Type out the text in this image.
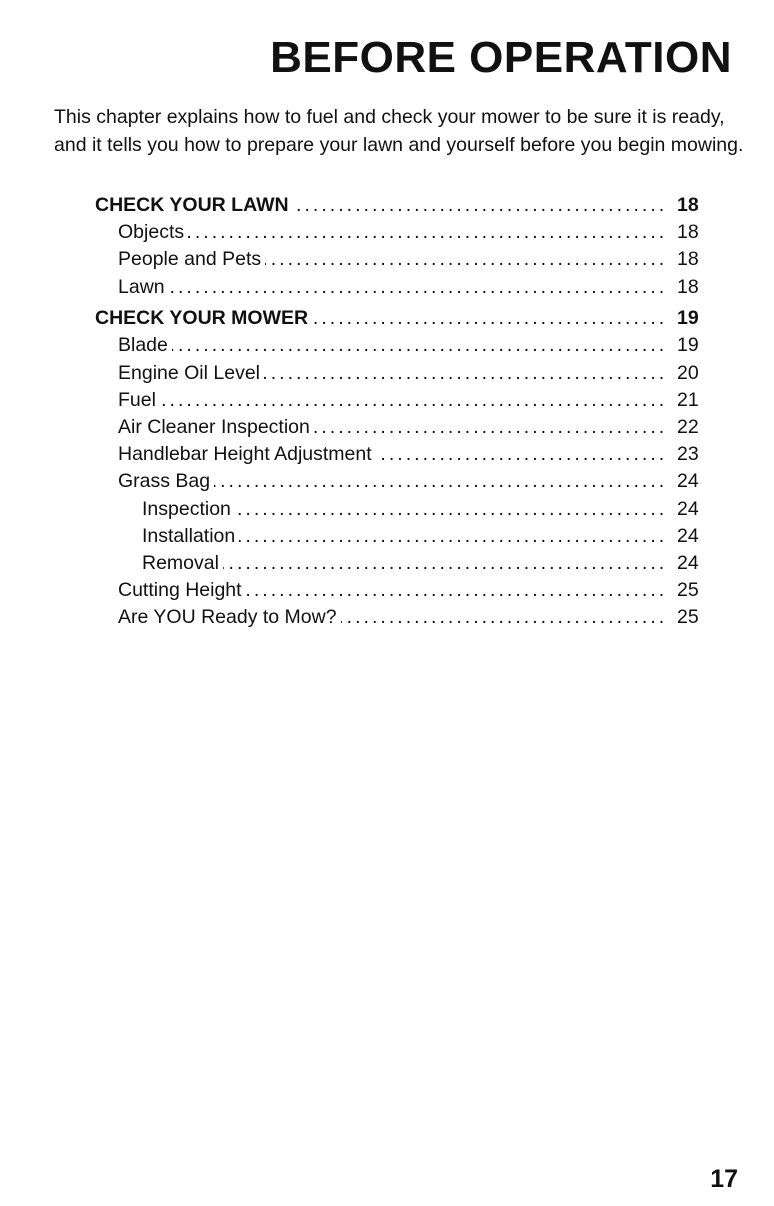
BEFORE OPERATION

This chapter explains how to fuel and check your mower to be sure it is ready, and it tells you how to prepare your lawn and yourself before you begin mowing.

CHECK YOUR LAWN . . .	18
Objects . . .	18
People and Pets . . .	18
Lawn . . .	18
CHECK YOUR MOWER . . .	19
Blade . . .	19
Engine Oil Level . . .	20
Fuel . . .	21
Air Cleaner Inspection . . .	22
Handlebar Height Adjustment . . .	23
Grass Bag . . .	24
Inspection . . .	24
Installation . . .	24
Removal . . .	24
Cutting Height . . .	25
Are YOU Ready to Mow? . . .	25

17
